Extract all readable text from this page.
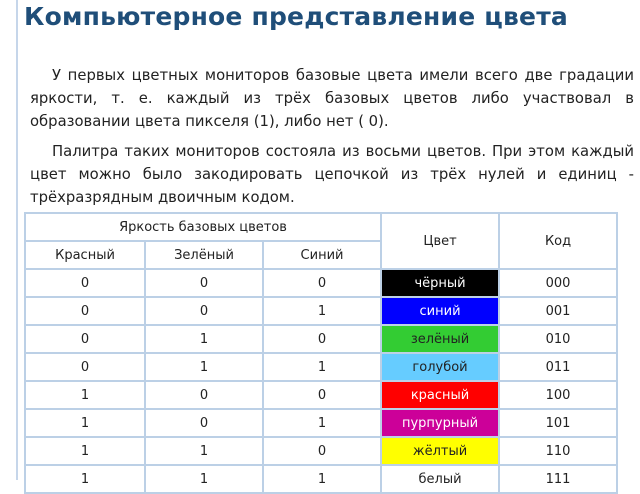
Компьютерное представление цвета

У первых цветных мониторов базовые цвета имели всего две градации яркости, т. е. каждый из трёх базовых цветов либо участвовал в образовании цвета пикселя (1), либо нет ( 0).

Палитра таких мониторов состояла из восьми цветов. При этом каждый цвет можно было закодировать цепочкой из трёх нулей и единиц - трёхразрядным двоичным кодом.

Яркость базовых цветов			Цвет	Код
Красный	Зелёный	Синий		
0	0	0	чёрный	000
0	0	1	синий	001
0	1	0	зелёный	010
0	1	1	голубой	011
1	0	0	красный	100
1	0	1	пурпурный	101
1	1	0	жёлтый	110
1	1	1	белый	111
